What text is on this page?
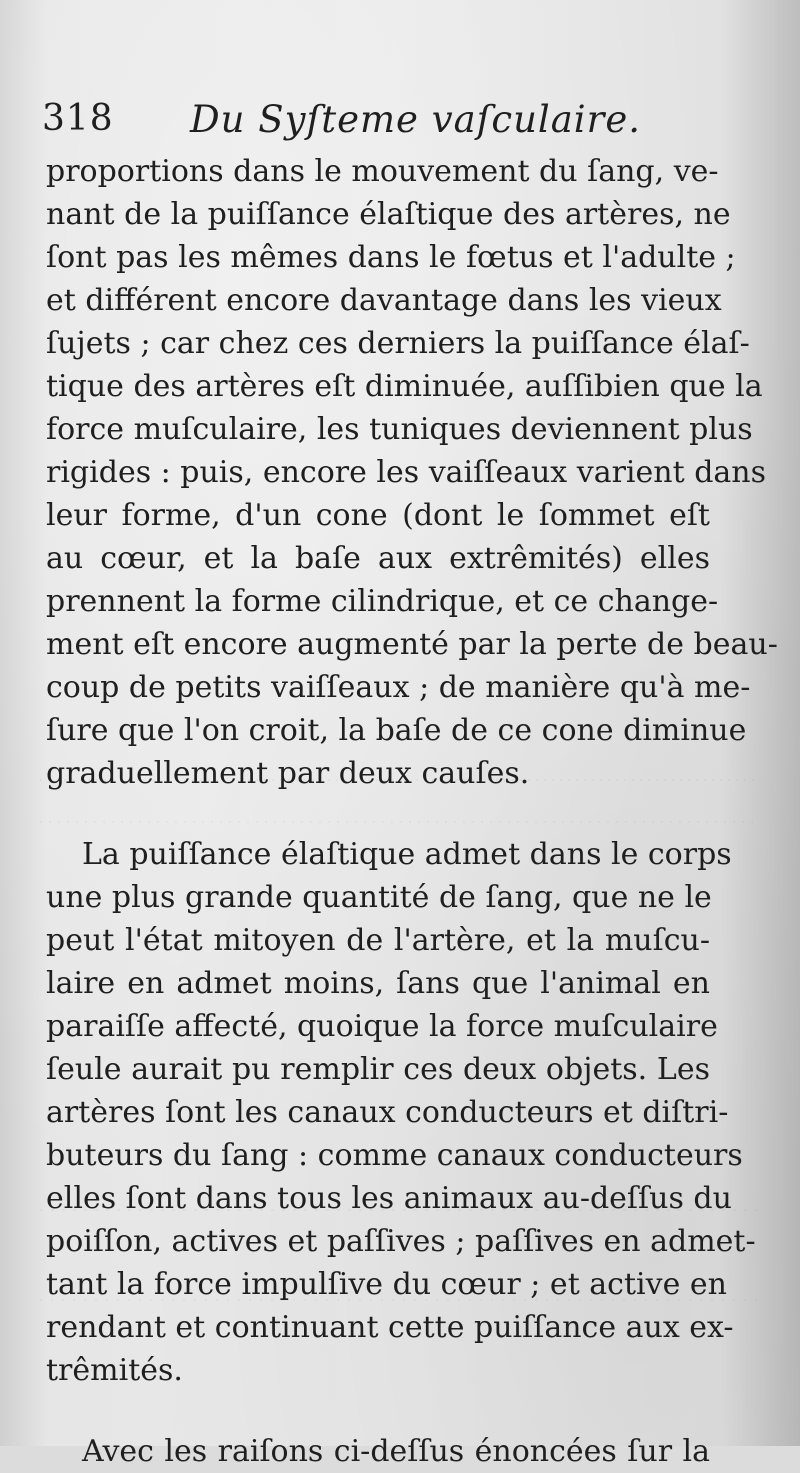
318 Du Syſteme vaſculaire.

proportions dans le mouvement du ſang, ve-
nant de la puiſſance élaſtique des artères, ne
ſont pas les mêmes dans le fœtus et l'adulte ;
et différent encore davantage dans les vieux
ſujets ; car chez ces derniers la puiſſance élaſ-
tique des artères eſt diminuée, auſſibien que la
force muſculaire, les tuniques deviennent plus
rigides : puis, encore les vaiſſeaux varient dans
leur forme, d'un cone (dont le ſommet eſt
au cœur, et la baſe aux extrêmités) elles
prennent la forme cilindrique, et ce change-
ment eſt encore augmenté par la perte de beau-
coup de petits vaiſſeaux ; de manière qu'à me-
ſure que l'on croit, la baſe de ce cone diminue
graduellement par deux cauſes.

La puiſſance élaſtique admet dans le corps
une plus grande quantité de ſang, que ne le
peut l'état mitoyen de l'artère, et la muſcu-
laire en admet moins, ſans que l'animal en
paraiſſe affecté, quoique la force muſculaire
ſeule aurait pu remplir ces deux objets. Les
artères ſont les canaux conducteurs et diſtri-
buteurs du ſang : comme canaux conducteurs
elles ſont dans tous les animaux au-deſſus du
poiſſon, actives et paſſives ; paſſives en admet-
tant la force impulſive du cœur ; et active en
rendant et continuant cette puiſſance aux ex-
trêmités.

Avec les raiſons ci-deſſus énoncées ſur la
